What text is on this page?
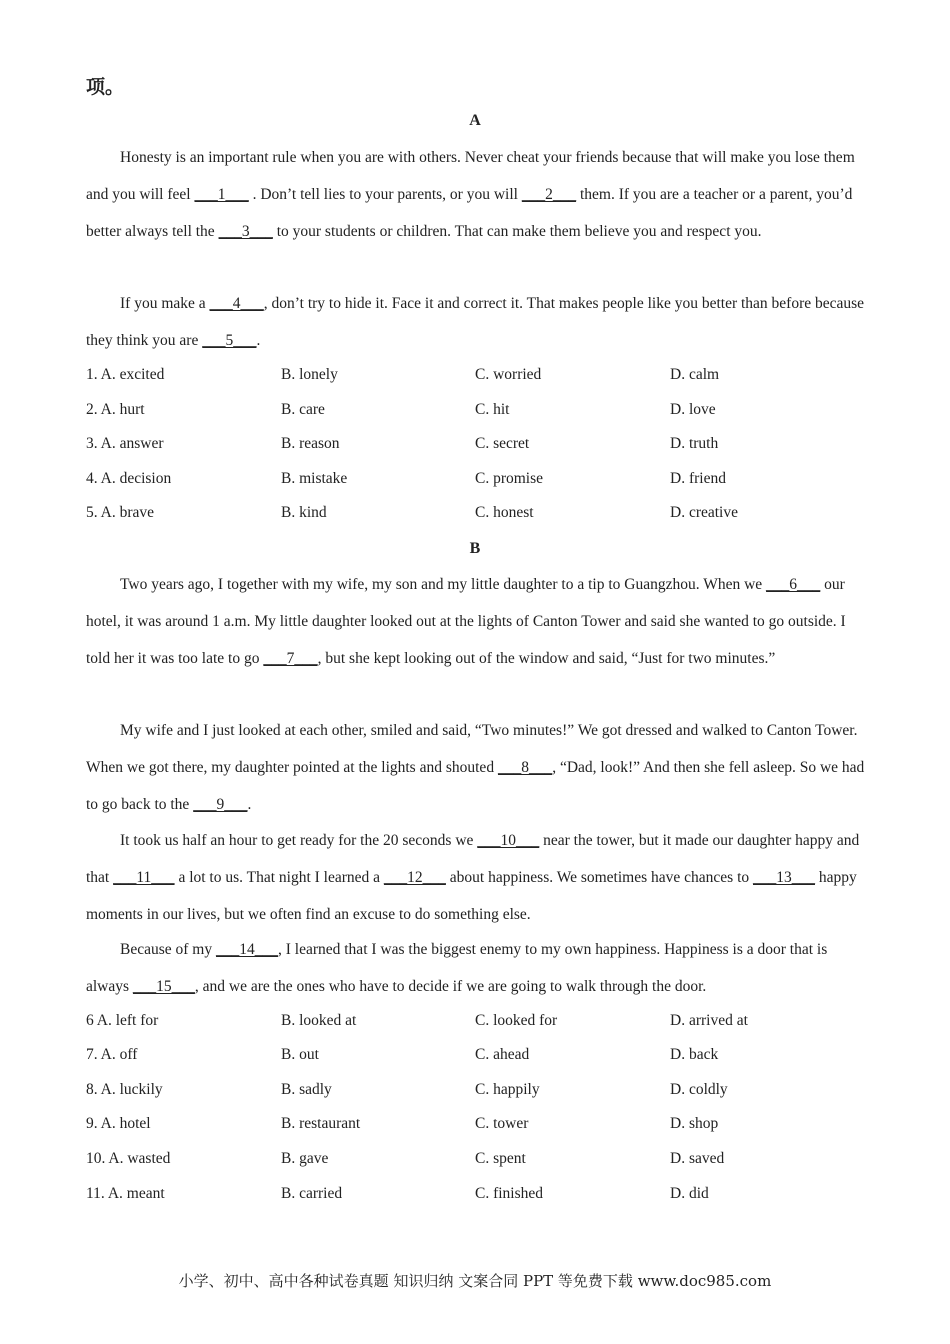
项。
A
Honesty is an important rule when you are with others. Never cheat your friends because that will make you lose them and you will feel ___1___ . Don’t tell lies to your parents, or you will ___2___ them. If you are a teacher or a parent, you’d better always tell the ___3___ to your students or children. That can make them believe you and respect you.
If you make a ___4___, don’t try to hide it. Face it and correct it. That makes people like you better than before because they think you are ___5___.
1. A. excited	B. lonely	C. worried	D. calm
2. A. hurt	B. care	C. hit	D. love
3. A. answer	B. reason	C. secret	D. truth
4. A. decision	B. mistake	C. promise	D. friend
5. A. brave	B. kind	C. honest	D. creative
B
Two years ago, I together with my wife, my son and my little daughter to a tip to Guangzhou. When we ___6___ our hotel, it was around 1 a.m. My little daughter looked out at the lights of Canton Tower and said she wanted to go outside. I told her it was too late to go ___7___, but she kept looking out of the window and said, “Just for two minutes.”
My wife and I just looked at each other, smiled and said, “Two minutes!” We got dressed and walked to Canton Tower. When we got there, my daughter pointed at the lights and shouted ___8___, “Dad, look!” And then she fell asleep. So we had to go back to the ___9___.
It took us half an hour to get ready for the 20 seconds we ___10___ near the tower, but it made our daughter happy and that ___11___ a lot to us. That night I learned a ___12___ about happiness. We sometimes have chances to ___13___ happy moments in our lives, but we often find an excuse to do something else.
Because of my ___14___, I learned that I was the biggest enemy to my own happiness. Happiness is a door that is always ___15___, and we are the ones who have to decide if we are going to walk through the door.
6 A. left for	B. looked at	C. looked for	D. arrived at
7. A. off	B. out	C. ahead	D. back
8. A. luckily	B. sadly	C. happily	D. coldly
9. A. hotel	B. restaurant	C. tower	D. shop
10. A. wasted	B. gave	C. spent	D. saved
11. A. meant	B. carried	C. finished	D. did
小学、初中、高中各种试卷真题 知识归纳 文案合同 PPT 等免费下载 www.doc985.com
